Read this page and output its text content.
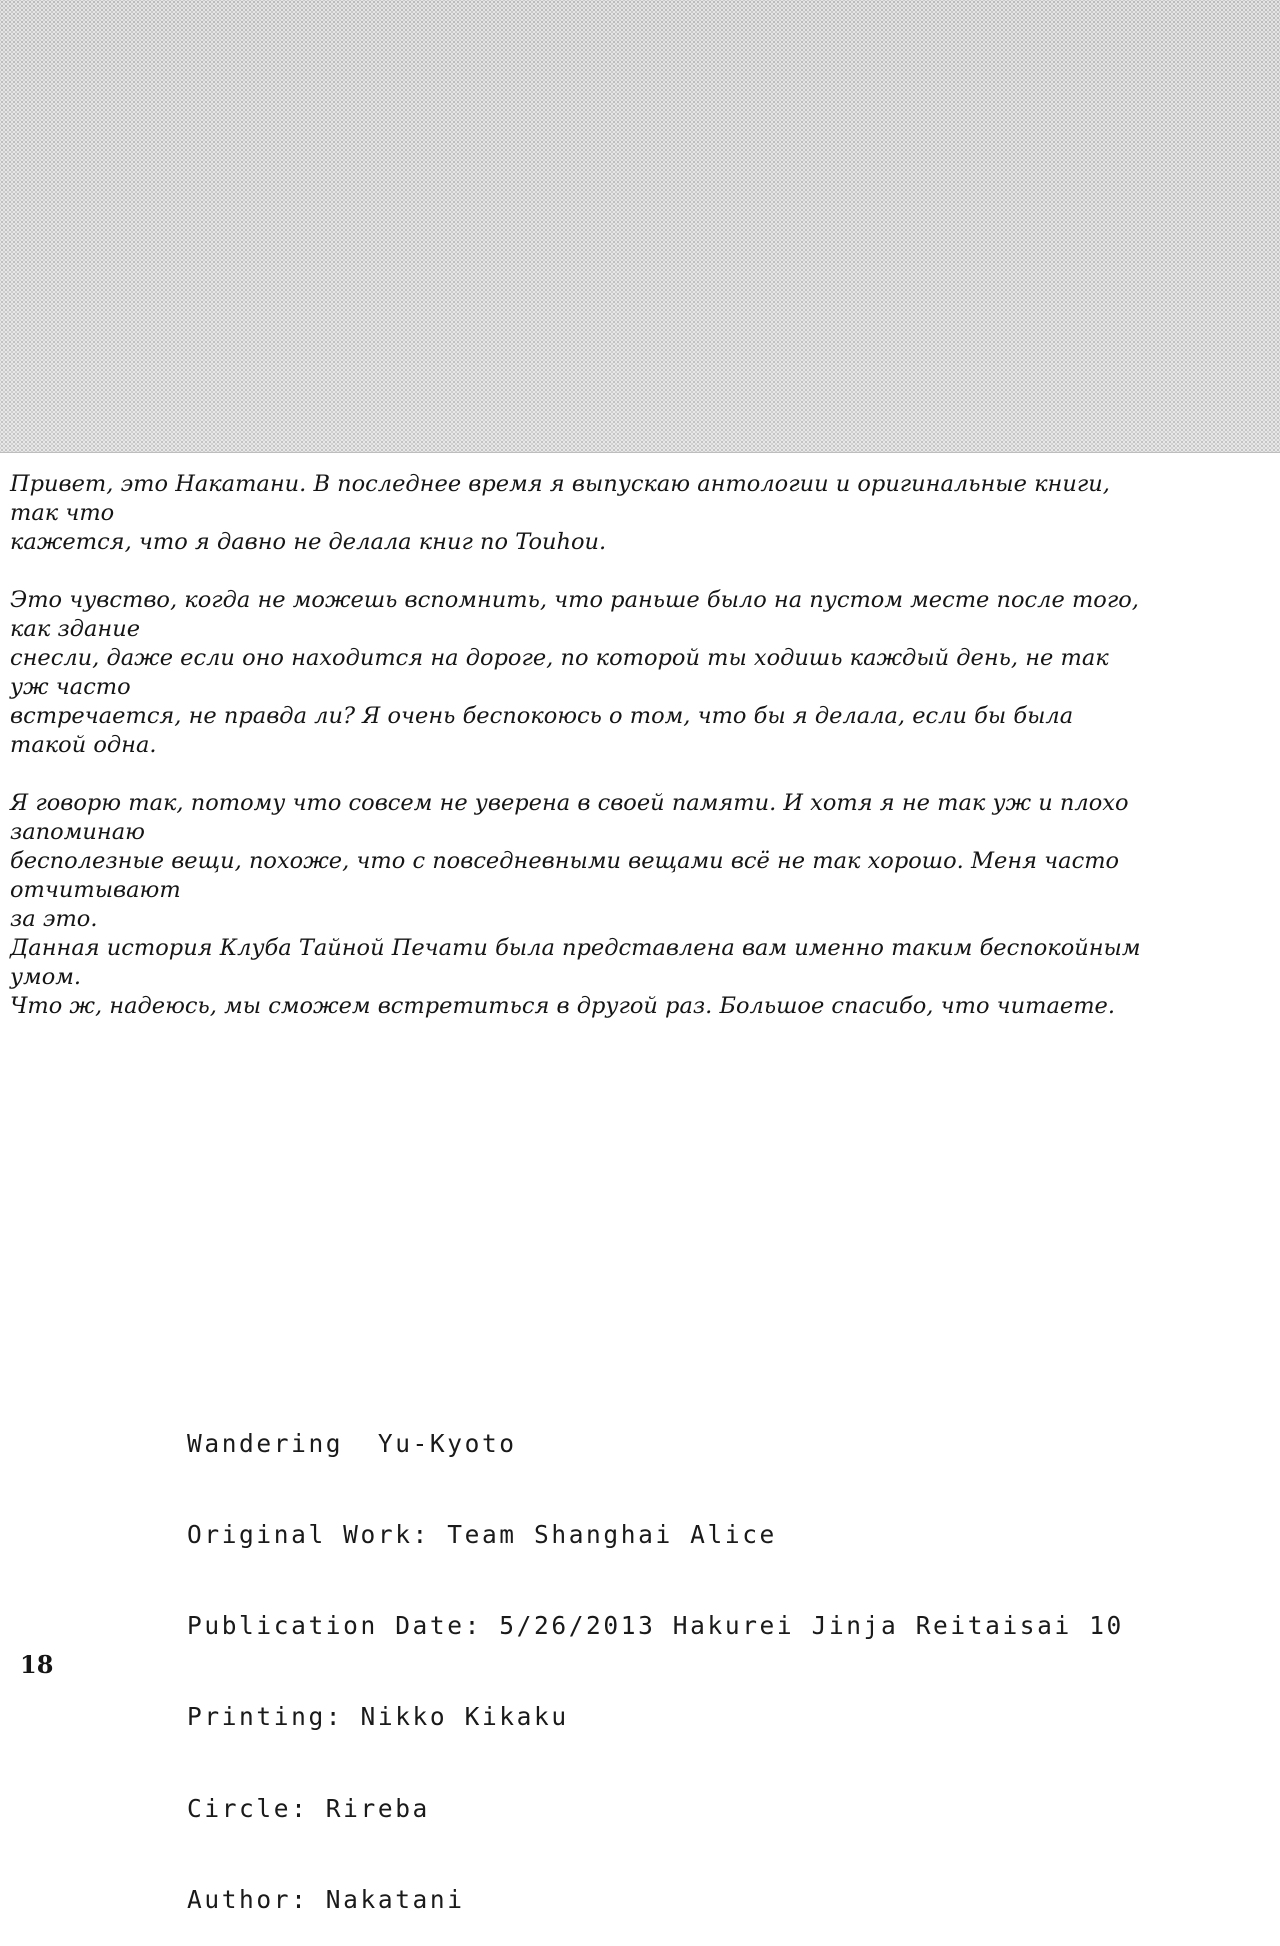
Привет, это Накатани. В последнее время я выпускаю антологии и оригинальные книги, так что
кажется, что я давно не делала книг по Touhou.

Это чувство, когда не можешь вспомнить, что раньше было на пустом месте после того, как здание
снесли, даже если оно находится на дороге, по которой ты ходишь каждый день, не так уж часто
встречается, не правда ли? Я очень беспокоюсь о том, что бы я делала, если бы была такой одна.

Я говорю так, потому что совсем не уверена в своей памяти. И хотя я не так уж и плохо запоминаю
бесполезные вещи, похоже, что с повседневными вещами всё не так хорошо. Меня часто отчитывают
за это.

Данная история Клуба Тайной Печати была представлена вам именно таким беспокойным умом.
Что ж, надеюсь, мы сможем встретиться в другой раз. Большое спасибо, что читаете.

Wandering  Yu-Kyoto

Original Work: Team Shanghai Alice

Publication Date: 5/26/2013 Hakurei Jinja Reitaisai 10

Printing: Nikko Kikaku

Circle: Rireba

Author: Nakatani

18
